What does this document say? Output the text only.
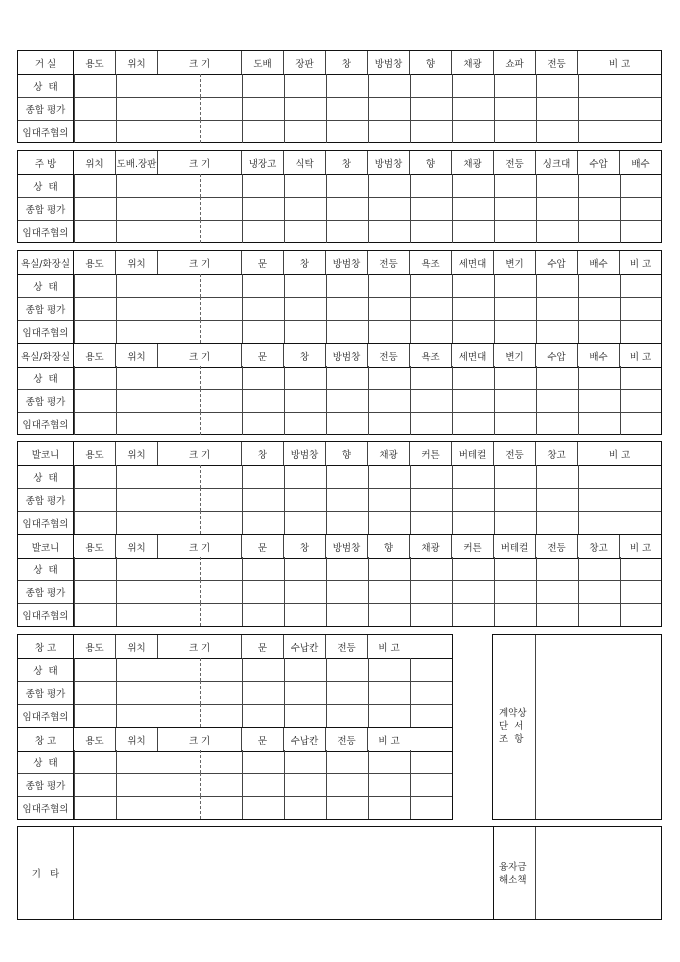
거 실	용도	위치	크 기	도배	장판	창	방범창	향	채광	쇼파	전등	비 고
상  태
종합 평가
임대주협의
주 방	위치	도배.장판	크 기	냉장고	식탁	창	방범창	향	채광	전등	싱크대	수압	배수
상  태
종합 평가
임대주협의
욕실/화장실	용도	위치	크 기	문	창	방범창	전등	욕조	세면대	변기	수압	배수	비 고
상  태
종합 평가
임대주협의
욕실/화장실	용도	위치	크 기	문	창	방범창	전등	욕조	세면대	변기	수압	배수	비 고
상  태
종합 평가
임대주협의
발코니	용도	위치	크 기	창	방범창	향	채광	커튼	버테컬	전등	창고	비 고
상  태
종합 평가
임대주협의
발코니	용도	위치	크 기	문	창	방범창	향	채광	커튼	버테컬	전등	창고	비 고
상  태
종합 평가
임대주협의
창 고	용도	위치	크 기	문	수납칸	전등	비 고
상  태
종합 평가
임대주협의
창 고	용도	위치	크 기	문	수납칸	전등	비 고
상  태
종합 평가
임대주협의
계약상
단  서
조  항
기   타
융자금
해소책
